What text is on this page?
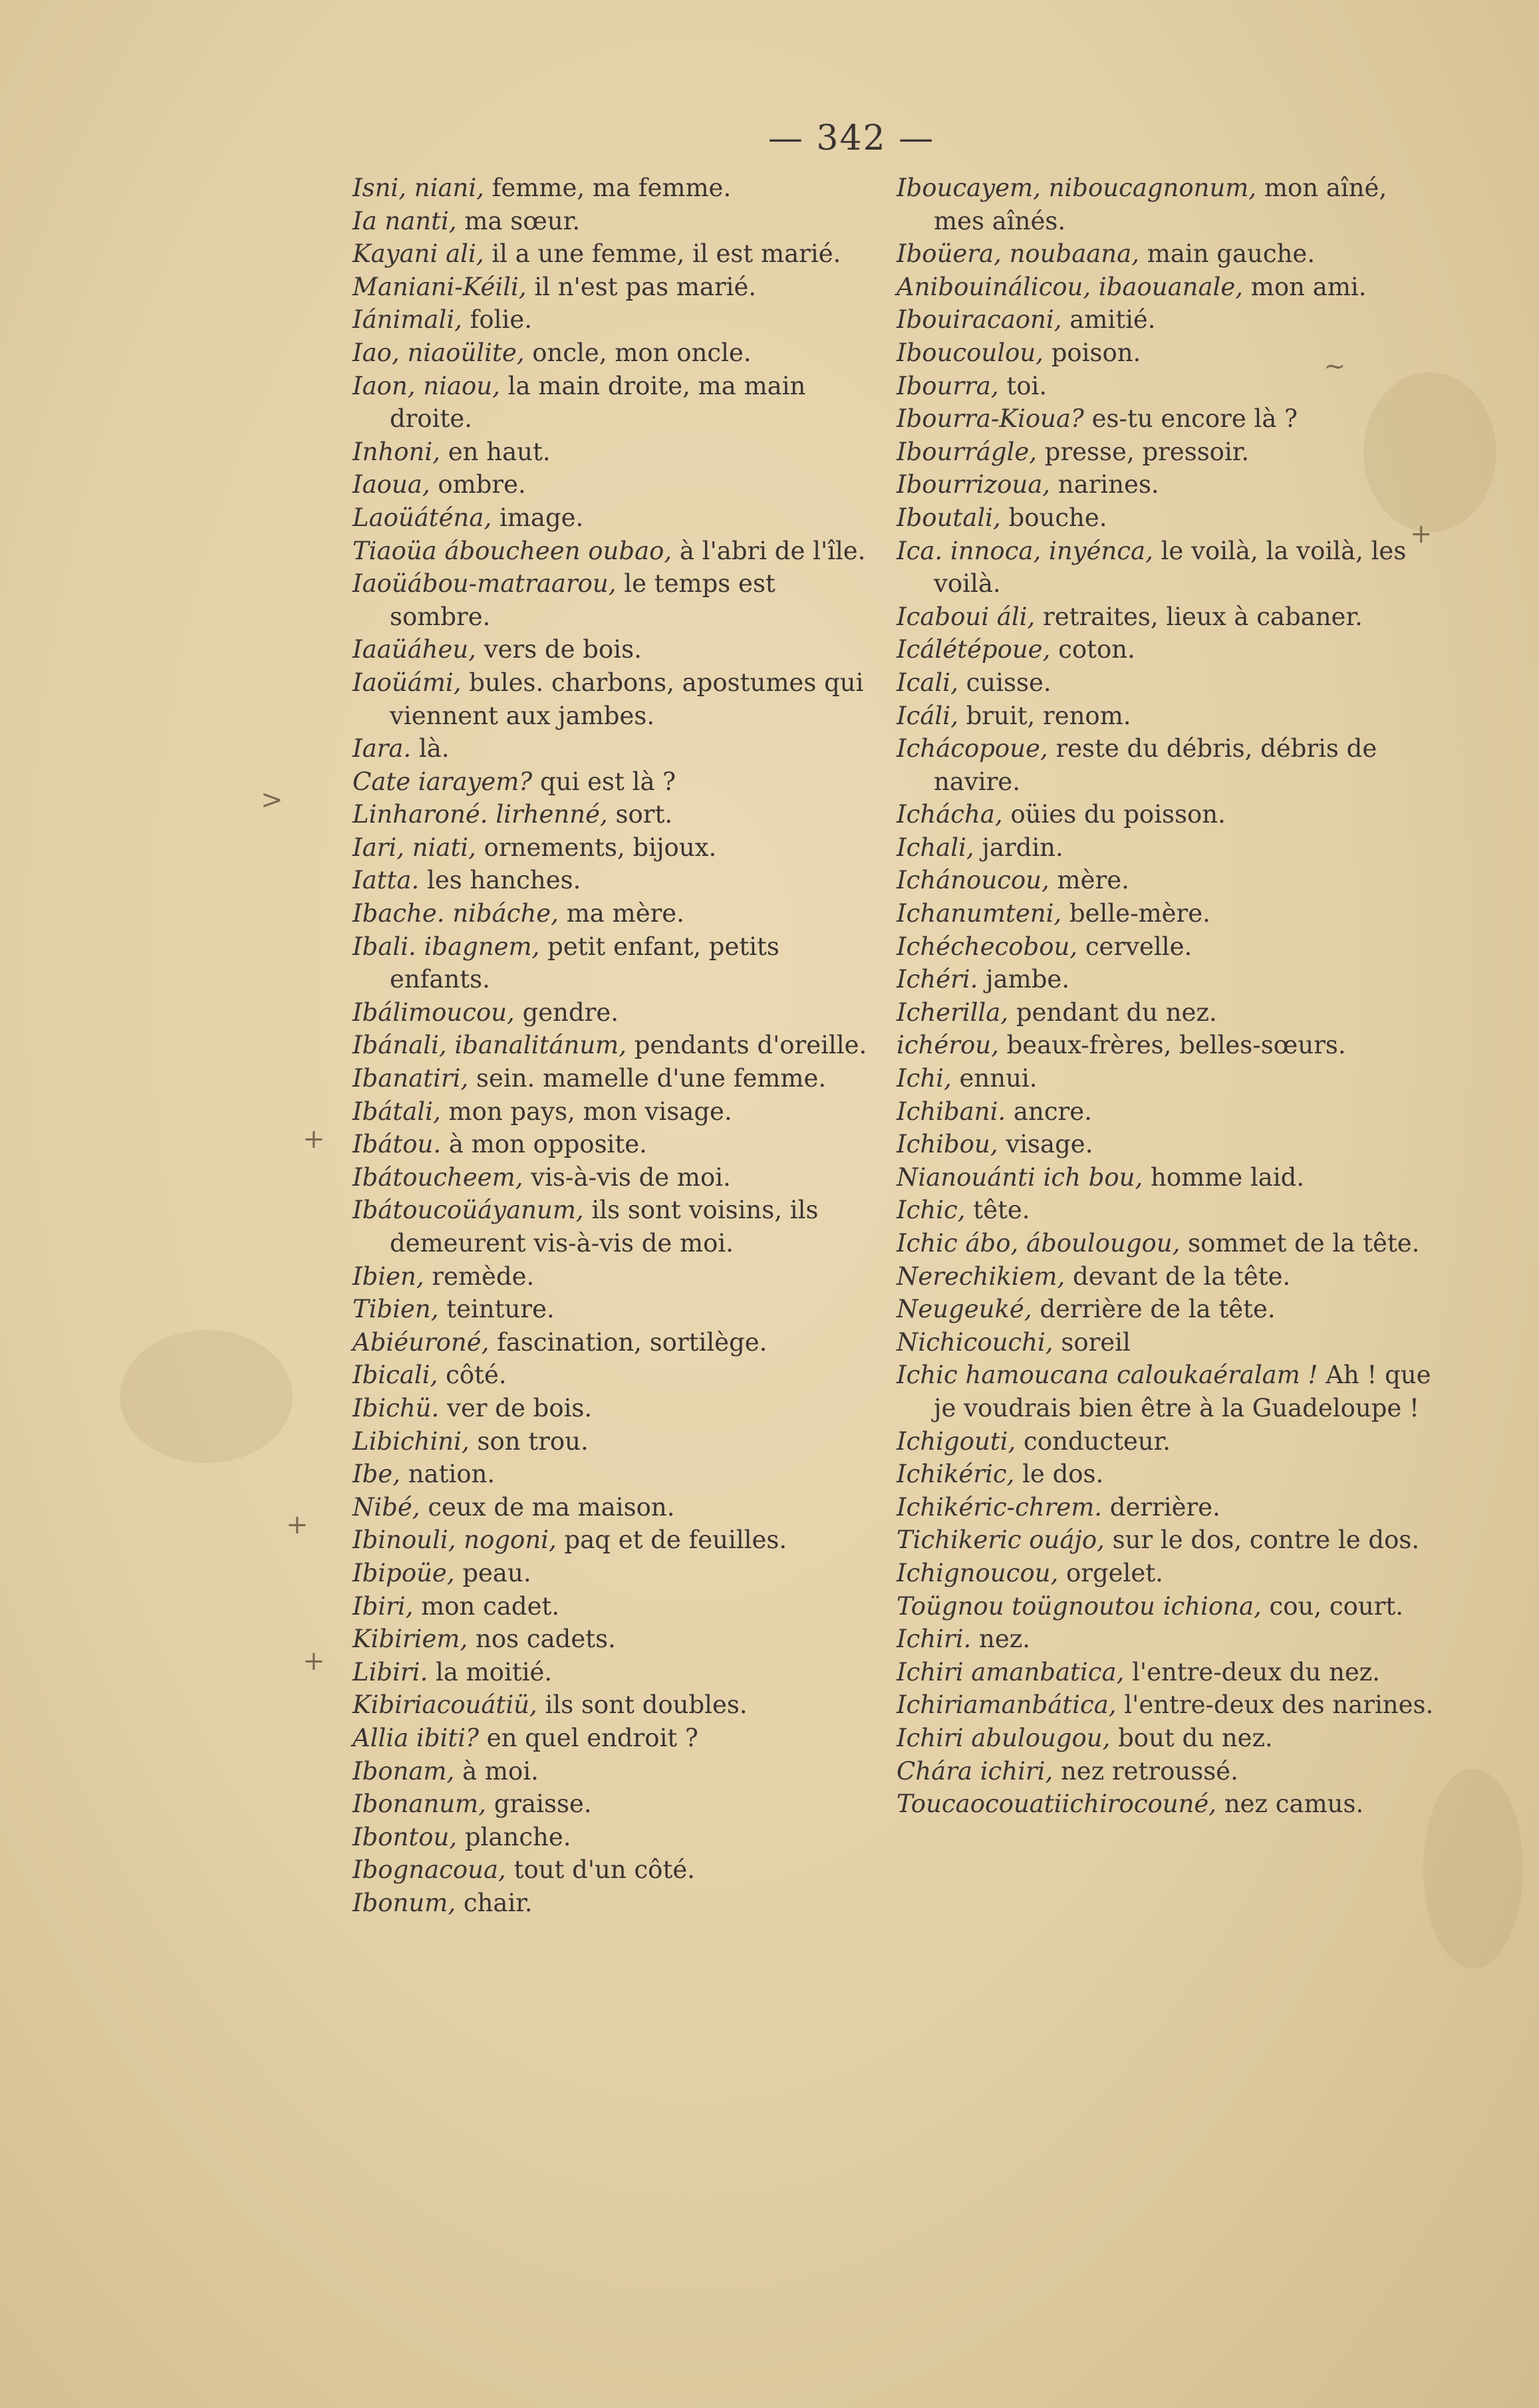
>
+
+
+
~
+
— 342 —

Isni, niani, femme, ma femme.

Ia nanti, ma sœur.

Kayani ali, il a une femme, il est marié.

Maniani-Kéili, il n'est pas marié.

Iánimali, folie.

Iao, niaoülite, oncle, mon oncle.

Iaon, niaou, la main droite, ma main droite.

Inhoni, en haut.

Iaoua, ombre.

Laoüáténa, image.

Tiaoüa áboucheen oubao, à l'abri de l'île.

Iaoüábou-matraarou, le temps est sombre.

Iaaüáheu, vers de bois.

Iaoüámi, bules. charbons, apostumes qui viennent aux jambes.

Iara. là.

Cate iarayem? qui est là ?

Linharoné. lirhenné, sort.

Iari, niati, ornements, bijoux.

Iatta. les hanches.

Ibache. nibáche, ma mère.

Ibali. ibagnem, petit enfant, petits enfants.

Ibálimoucou, gendre.

Ibánali, ibanalitánum, pendants d'oreille.

Ibanatiri, sein. mamelle d'une femme.

Ibátali, mon pays, mon visage.

Ibátou. à mon opposite.

Ibátoucheem, vis-à-vis de moi.

Ibátoucoüáyanum, ils sont voisins, ils demeurent vis-à-vis de moi.

Ibien, remède.

Tibien, teinture.

Abiéuroné, fascination, sortilège.

Ibicali, côté.

Ibichü. ver de bois.

Libichini, son trou.

Ibe, nation.

Nibé, ceux de ma maison.

Ibinouli, nogoni, paq et de feuilles.

Ibipoüe, peau.

Ibiri, mon cadet.

Kibiriem, nos cadets.

Libiri. la moitié.

Kibiriacouátiü, ils sont doubles.

Allia ibiti? en quel endroit ?

Ibonam, à moi.

Ibonanum, graisse.

Ibontou, planche.

Ibognacoua, tout d'un côté.

Ibonum, chair.

Iboucayem, niboucagnonum, mon aîné, mes aînés.

Iboüera, noubaana, main gauche.

Anibouinálicou, ibaouanale, mon ami.

Ibouiracaoni, amitié.

Iboucoulou, poison.

Ibourra, toi.

Ibourra-Kioua? es-tu encore là ?

Ibourrágle, presse, pressoir.

Ibourrizoua, narines.

Iboutali, bouche.

Ica. innoca, inyénca, le voilà, la voilà, les voilà.

Icaboui áli, retraites, lieux à cabaner.

Icálétépoue, coton.

Icali, cuisse.

Icáli, bruit, renom.

Ichácopoue, reste du débris, débris de navire.

Ichácha, oüies du poisson.

Ichali, jardin.

Ichánoucou, mère.

Ichanumteni, belle-mère.

Ichéchecobou, cervelle.

Ichéri. jambe.

Icherilla, pendant du nez.

ichérou, beaux-frères, belles-sœurs.

Ichi, ennui.

Ichibani. ancre.

Ichibou, visage.

Nianouánti ich bou, homme laid.

Ichic, tête.

Ichic ábo, áboulougou, sommet de la tête.

Nerechikiem, devant de la tête.

Neugeuké, derrière de la tête.

Nichicouchi, soreil

Ichic hamoucana caloukaéralam ! Ah ! que je voudrais bien être à la Guadeloupe !

Ichigouti, conducteur.

Ichikéric, le dos.

Ichikéric-chrem. derrière.

Tichikeric ouájo, sur le dos, contre le dos.

Ichignoucou, orgelet.

Toügnou toügnoutou ichiona, cou, court.

Ichiri. nez.

Ichiri amanbatica, l'entre-deux du nez.

Ichiriamanbática, l'entre-deux des narines.

Ichiri abulougou, bout du nez.

Chára ichiri, nez retroussé.

Toucaocouatiichirocouné, nez camus.
